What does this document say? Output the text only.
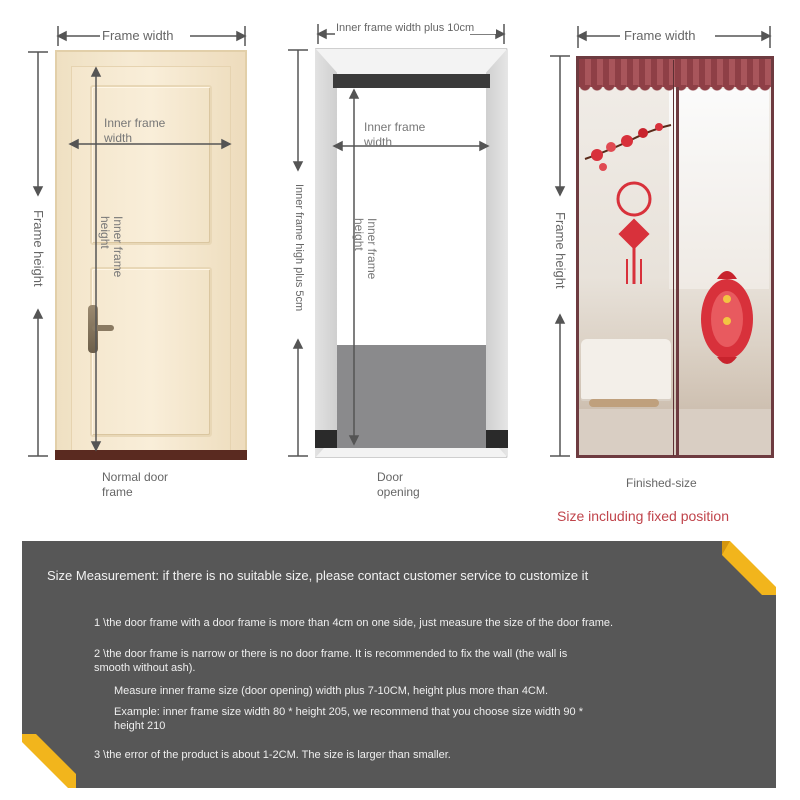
Frame width
Frame height
Inner frame width
Inner frame height
Normal door frame
Inner frame width plus 10cm
Inner frame high plus 5cm
Inner frame width
Inner frame height
Door opening
Frame width
Frame height
Finished-size
Size including fixed position
Size Measurement: if there is no suitable size, please contact customer service to customize it
1 \the door frame with a door frame is more than 4cm on one side, just measure the size of the door frame.
2 \the door frame is narrow or there is no door frame. It is recommended to fix the wall (the wall is
smooth without ash).
Measure inner frame size (door opening) width plus 7-10CM, height plus more than 4CM.
Example: inner frame size width 80 * height 205, we recommend that you choose size width 90 *
height 210
3 \the error of the product is about 1-2CM. The size is larger than smaller.
